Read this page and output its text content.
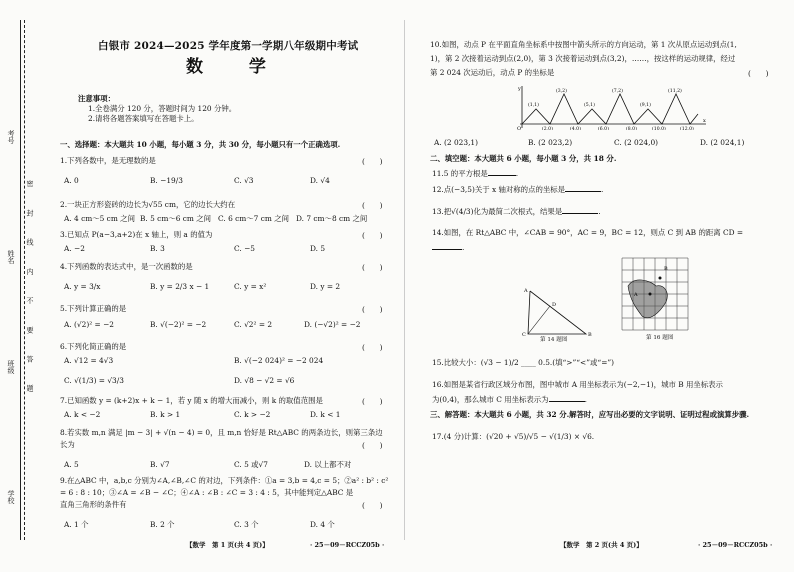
密 封 线 内 不 要 答 题
考号
姓名
班级
学校
白银市 2024—2025 学年度第一学期八年级期中考试
数 学
注意事项：
1.全卷满分 120 分，答题时间为 120 分钟。
2.请将各题答案填写在答题卡上。
一、选择题：本大题共 10 小题，每小题 3 分，共 30 分，每小题只有一个正确选项.
1.下列各数中，是无理数的是	(　　)
A. 0	B. −19/3	C. √3	D. √4
2.一块正方形瓷砖的边长为√55 cm，它的边长大约在	(　　)
A. 4 cm～5 cm 之间 B. 5 cm～6 cm 之间 C. 6 cm～7 cm 之间 D. 7 cm～8 cm 之间
3.已知点 P(a−3,a+2)在 x 轴上，则 a 的值为	(　　)
A. −2	B. 3	C. −5	D. 5
4.下列函数的表达式中，是一次函数的是	(　　)
A. y = 3/x	B. y = 2/3 x − 1	C. y = x²	D. y = 2
5.下列计算正确的是	(　　)
A. (√2)² = −2	B. √(−2)² = −2	C. √2² = 2	D. (−√2)² = −2
6.下列化简正确的是	(　　)
A. √12 = 4√3	B. √(−2 024)² = −2 024
C. √(1/3) = √3/3	D. √8 − √2 = √6
7.已知函数 y = (k+2)x + k − 1，若 y 随 x 的增大而减小，则 k 的取值范围是	(　　)
A. k < −2	B. k > 1	C. k > −2	D. k < 1
8.若实数 m,n 满足 |m − 3| + √(n − 4) = 0，且 m,n 恰好是 Rt△ABC 的两条边长，则第三条边
长为	(　　)
A. 5	B. √7	C. 5 或√7	D. 以上都不对
9.在△ABC 中，a,b,c 分别为∠A,∠B,∠C 的对边，下列条件：①a = 3,b = 4,c = 5；②a² : b² : c²
= 6 : 8 : 10；③∠A = ∠B − ∠C；④∠A : ∠B : ∠C = 3 : 4 : 5，其中能判定△ABC 是
直角三角形的条件有	(　　)
A. 1 个	B. 2 个	C. 3 个	D. 4 个
【数学　第 1 页(共 4 页)】	· 25－09－RCCZ05b ·
10.如图，动点 P 在平面直角坐标系中按图中箭头所示的方向运动，第 1 次从原点运动到点(1,
1)，第 2 次接着运动到点(2,0)，第 3 次接着运动到点(3,2)，……，按这样的运动规律，经过
第 2 024 次运动后，动点 P 的坐标是	(　　)
y
x
O
(1,1)
(3,2)
(5,1)
(7,2)
(9,1)
(11,2)
(2,0)	(4,0)	(6,0)	(8,0)	(10,0)	(12,0)
A. (2 023,1)	B. (2 023,2)	C. (2 024,0)	D. (2 024,1)
二、填空题：本大题共 6 小题，每小题 3 分，共 18 分.
11.5 的平方根是	.
12.点(−3,5)关于 x 轴对称的点的坐标是	.
13.把√(4/3)化为最简二次根式，结果是	.
14.如图，在 Rt△ABC 中，∠CAB = 90°，AC = 9，BC = 12，则点 C 到 AB 的距离 CD =
.
A
B
C
D
第 14 题图
A
B
第 16 题图
15.比较大小：(√3 − 1)/2 ____ 0.5.(填“>”“<”或“=”)
16.如图是某省行政区域分布图，图中城市 A 用坐标表示为(−2,−1)，城市 B 用坐标表示
为(0,4)，那么城市 C 用坐标表示为	.
三、解答题：本大题共 6 小题，共 32 分.解答时，应写出必要的文字说明、证明过程或演算步骤.
17.(4 分)计算：(√20 + √5)/√5 − √(1/3) × √6.
【数学　第 2 页(共 4 页)】	· 25－09－RCCZ05b ·
